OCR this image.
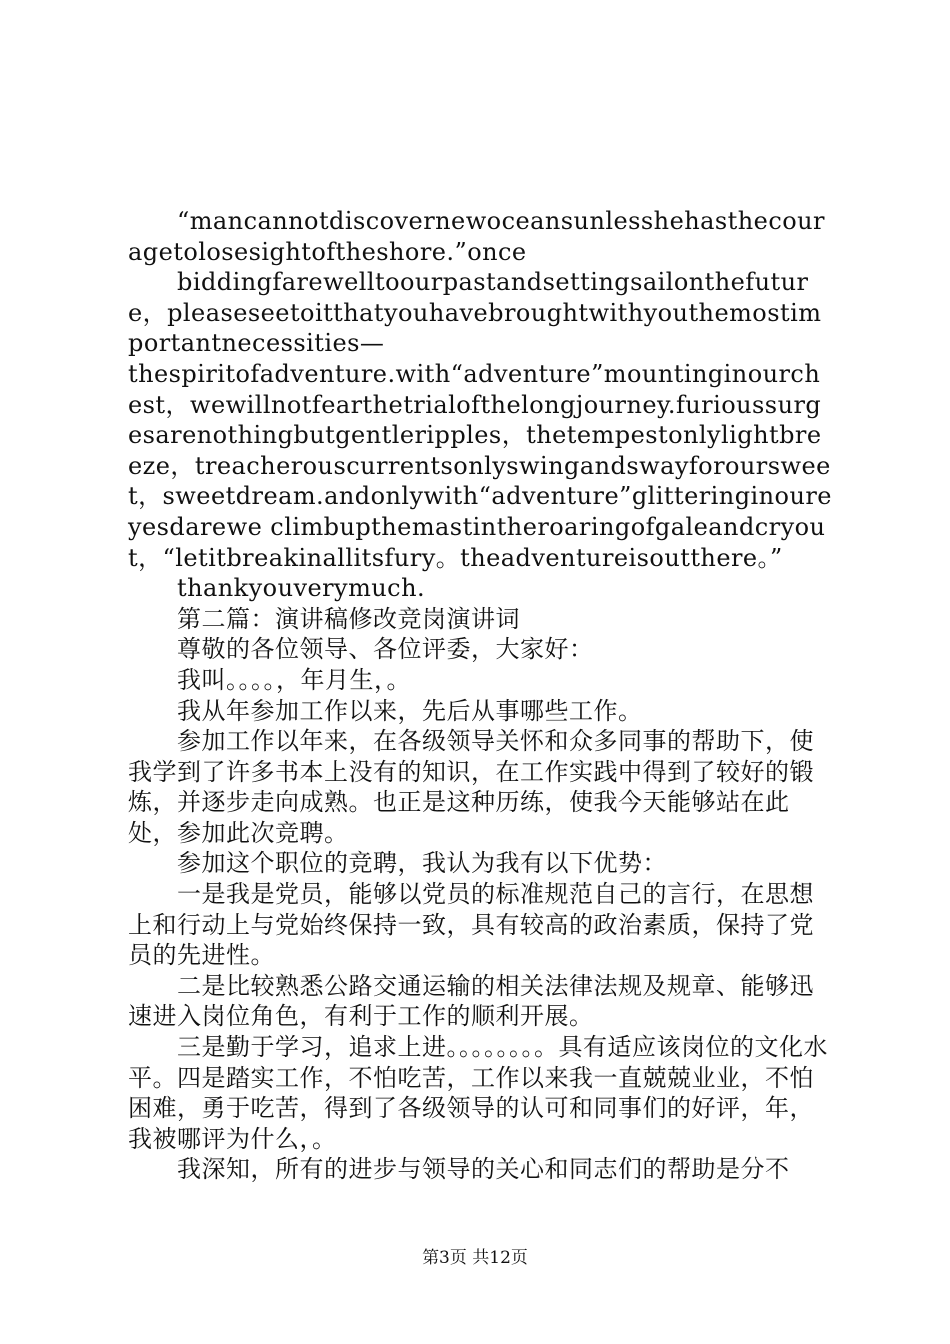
“mancannotdiscovernewoceansunlesshehasthecouragetolosesightoftheshore.”once

biddingfarewelltoourpastandsettingsailonthefuture，pleaseseetoitthatyouhavebroughtwithyouthemostimportantnecessities—

thespiritofadventure.with“adventure”mountinginourchest，wewillnotfearthetrialofthelongjourney.furioussurgesarenothingbutgentleripples，thetempestonlylightbreeze，treacherouscurrentsonlyswingandswayforoursweet，sweetdream.andonlywith“adventure”glitteringinoureyesdarewe climbupthemastintheroaringofgaleandcryout，“letitbreakinallitsfury。theadventureisoutthere。”

thankyouverymuch.

第二篇：演讲稿修改竞岗演讲词

尊敬的各位领导、各位评委，大家好：

我叫。。。。，年月生，。

我从年参加工作以来，先后从事哪些工作。

参加工作以年来，在各级领导关怀和众多同事的帮助下，使我学到了许多书本上没有的知识，在工作实践中得到了较好的锻炼，并逐步走向成熟。也正是这种历练，使我今天能够站在此处，参加此次竞聘。

参加这个职位的竞聘，我认为我有以下优势：

一是我是党员，能够以党员的标准规范自己的言行，在思想上和行动上与党始终保持一致，具有较高的政治素质，保持了党员的先进性。

二是比较熟悉公路交通运输的相关法律法规及规章、能够迅速进入岗位角色，有利于工作的顺利开展。

三是勤于学习，追求上进。。。。。。。。具有适应该岗位的文化水平。四是踏实工作，不怕吃苦，工作以来我一直兢兢业业，不怕困难，勇于吃苦，得到了各级领导的认可和同事们的好评，年，我被哪评为什么，。

我深知，所有的进步与领导的关心和同志们的帮助是分不

第3页 共12页
